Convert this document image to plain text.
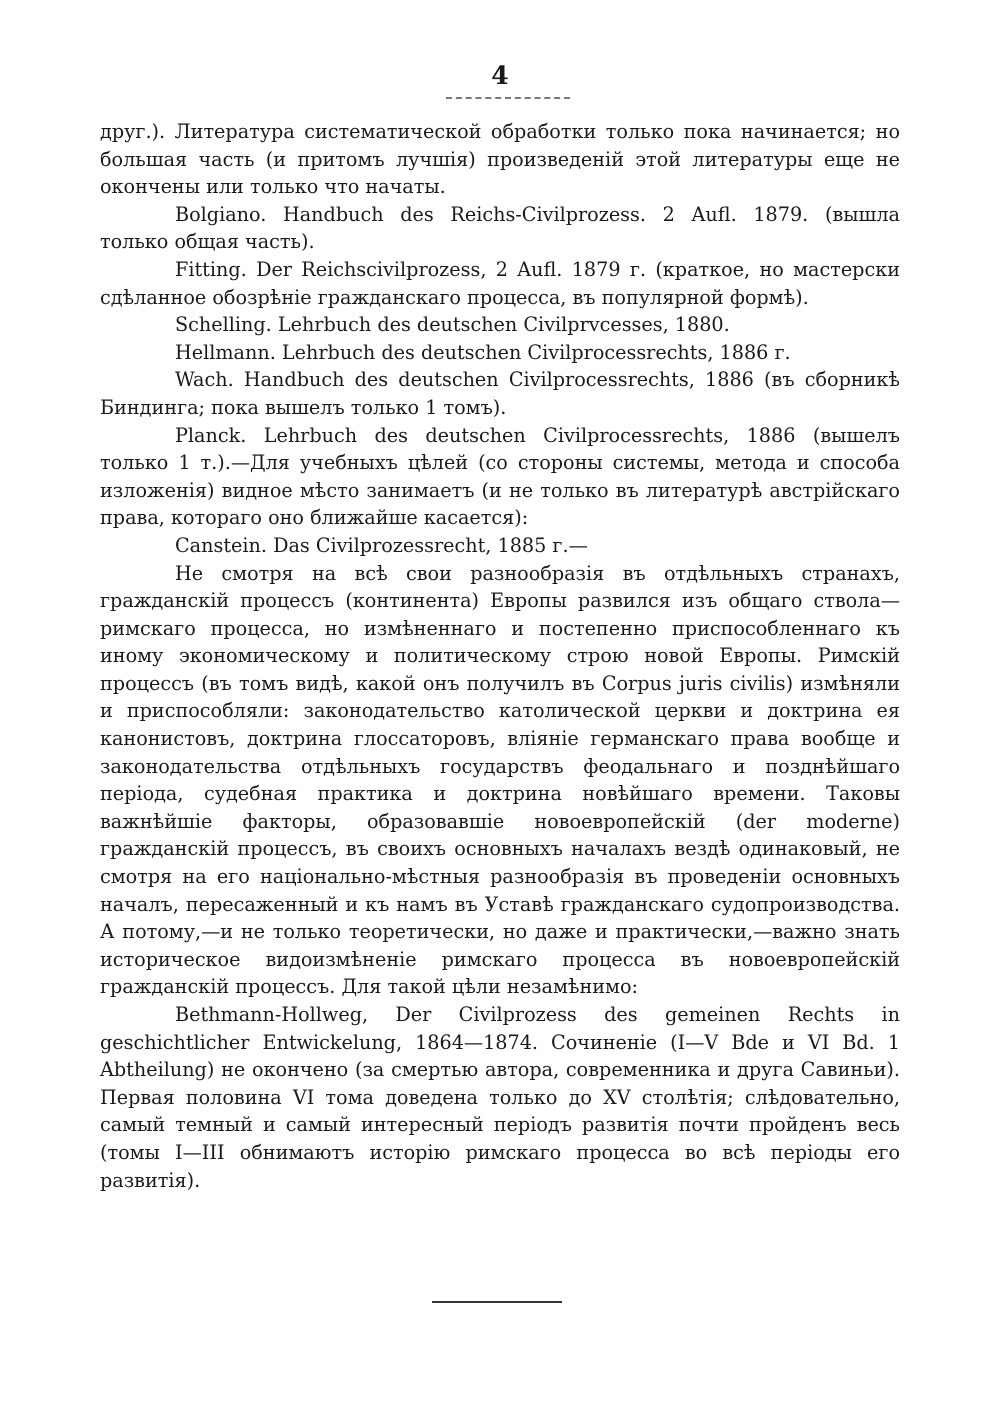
4

друг.). Литература систематической обработки только пока начинается; но большая часть (и притомъ лучшія) произведеній этой литературы еще не окончены или только что начаты.

Bolgiano. Handbuch des Reichs-Civilprozess. 2 Aufl. 1879. (вышла только общая часть).

Fitting. Der Reichscivilprozess, 2 Aufl. 1879 г. (краткое, но мастерски сдѣланное обозрѣніе гражданскаго процесса, въ популярной формѣ).

Schelling. Lehrbuch des deutschen Civilprvcesses, 1880.

Hellmann. Lehrbuch des deutschen Civilprocessrechts, 1886 г.

Wach. Handbuch des deutschen Civilprocessrechts, 1886 (въ сборникѣ Биндинга; пока вышелъ только 1 томъ).

Planck. Lehrbuch des deutschen Civilprocessrechts, 1886 (вышелъ только 1 т.).—Для учебныхъ цѣлей (со стороны системы, метода и способа изложенія) видное мѣсто занимаетъ (и не только въ литературѣ австрійскаго права, котораго оно ближайше касается):

Canstein. Das Civilprozessrecht, 1885 г.—

Не смотря на всѣ свои разнообразія въ отдѣльныхъ странахъ, гражданскій процессъ (континента) Европы развился изъ общаго ствола—римскаго процесса, но измѣненнаго и постепенно приспособленнаго къ иному экономическому и политическому строю новой Европы. Римскій процессъ (въ томъ видѣ, какой онъ получилъ въ Corpus juris civilis) измѣняли и приспособляли: законодательство католической церкви и доктрина ея канонистовъ, доктрина глоссаторовъ, вліяніе германскаго права вообще и законодательства отдѣльныхъ государствъ феодальнаго и позднѣйшаго періода, судебная практика и доктрина новѣйшаго времени. Таковы важнѣйшіе факторы, образовавшіе новоевропейскій (der moderne) гражданскій процессъ, въ своихъ основныхъ началахъ вездѣ одинаковый, не смотря на его національно-мѣстныя разнообразія въ проведеніи основныхъ началъ, пересаженный и къ намъ въ Уставѣ гражданскаго судопроизводства. А потому,—и не только теоретически, но даже и практически,—важно знать историческое видоизмѣненіе римскаго процесса въ новоевропейскій гражданскій процессъ. Для такой цѣли незамѣнимо:

Bethmann-Hollweg, Der Civilprozess des gemeinen Rechts in geschichtlicher Entwickelung, 1864—1874. Сочиненіе (I—V Bde и VI Bd. 1 Abtheilung) не окончено (за смертью автора, современника и друга Савиньи). Первая половина VI тома доведена только до XV столѣтія; слѣдовательно, самый темный и самый интересный періодъ развитія почти пройденъ весь (томы I—III обнимаютъ исторію римскаго процесса во всѣ періоды его развитія).
